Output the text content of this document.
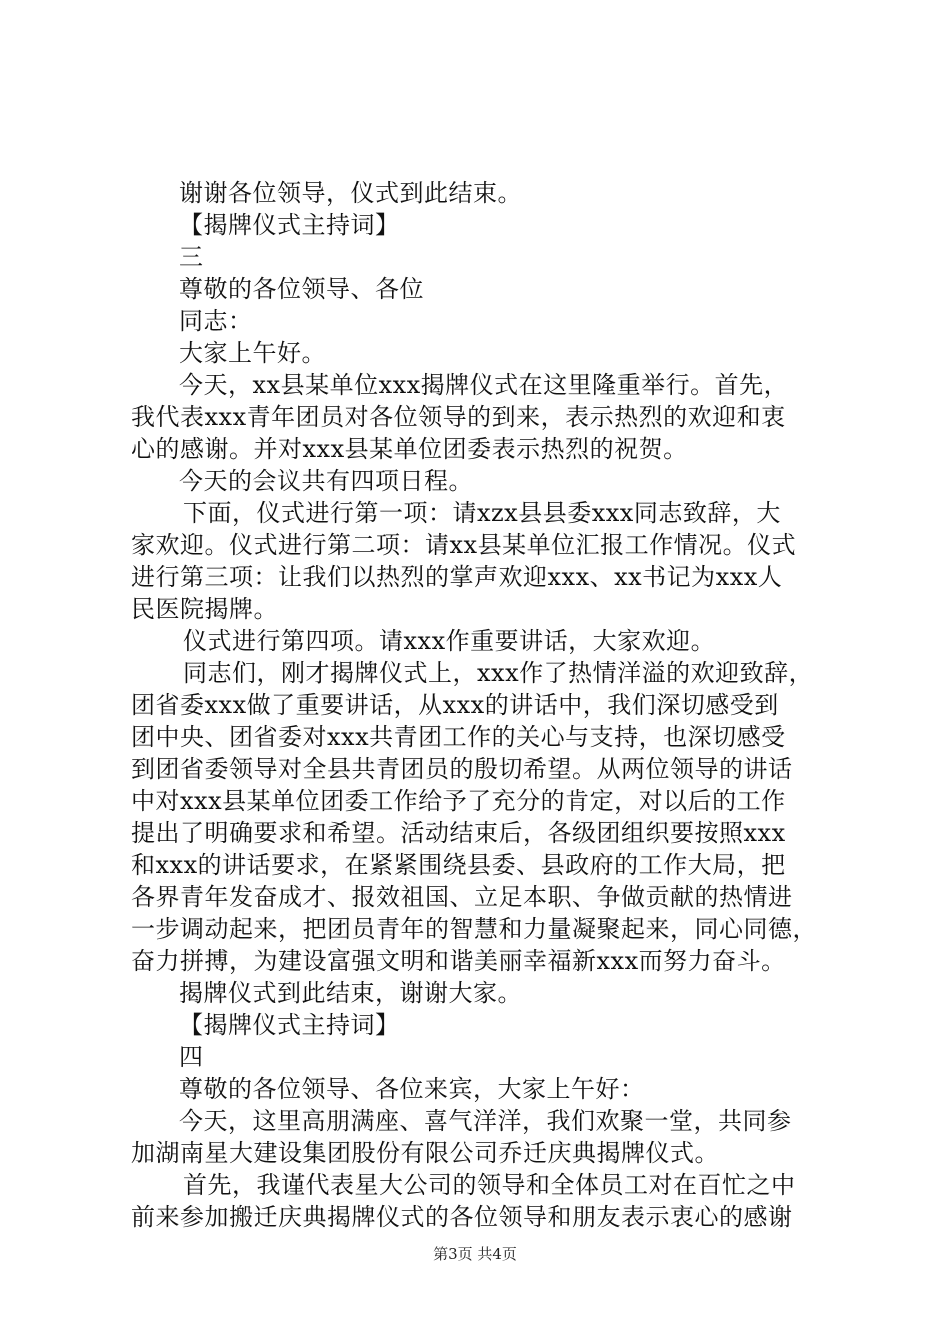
谢谢各位领导，仪式到此结束。
【揭牌仪式主持词】
三
尊敬的各位领导、各位
同志：
大家上午好。
今天，xx县某单位xxx揭牌仪式在这里隆重举行。首先，
我代表xxx青年团员对各位领导的到来，表示热烈的欢迎和衷
心的感谢。并对xxx县某单位团委表示热烈的祝贺。
今天的会议共有四项日程。
下面，仪式进行第一项：请xzx县县委xxx同志致辞，大
家欢迎。仪式进行第二项：请xx县某单位汇报工作情况。仪式
进行第三项：让我们以热烈的掌声欢迎xxx、xx书记为xxx人
民医院揭牌。
仪式进行第四项。请xxx作重要讲话，大家欢迎。
同志们，刚才揭牌仪式上，xxx作了热情洋溢的欢迎致辞，
团省委xxx做了重要讲话，从xxx的讲话中，我们深切感受到
团中央、团省委对xxx共青团工作的关心与支持，也深切感受
到团省委领导对全县共青团员的殷切希望。从两位领导的讲话
中对xxx县某单位团委工作给予了充分的肯定，对以后的工作
提出了明确要求和希望。活动结束后，各级团组织要按照xxx
和xxx的讲话要求，在紧紧围绕县委、县政府的工作大局，把
各界青年发奋成才、报效祖国、立足本职、争做贡献的热情进
一步调动起来，把团员青年的智慧和力量凝聚起来，同心同德，
奋力拼搏，为建设富强文明和谐美丽幸福新xxx而努力奋斗。
揭牌仪式到此结束，谢谢大家。
【揭牌仪式主持词】
四
尊敬的各位领导、各位来宾，大家上午好：
今天，这里高朋满座、喜气洋洋，我们欢聚一堂，共同参
加湖南星大建设集团股份有限公司乔迁庆典揭牌仪式。
首先，我谨代表星大公司的领导和全体员工对在百忙之中
前来参加搬迁庆典揭牌仪式的各位领导和朋友表示衷心的感谢
第3页 共4页
